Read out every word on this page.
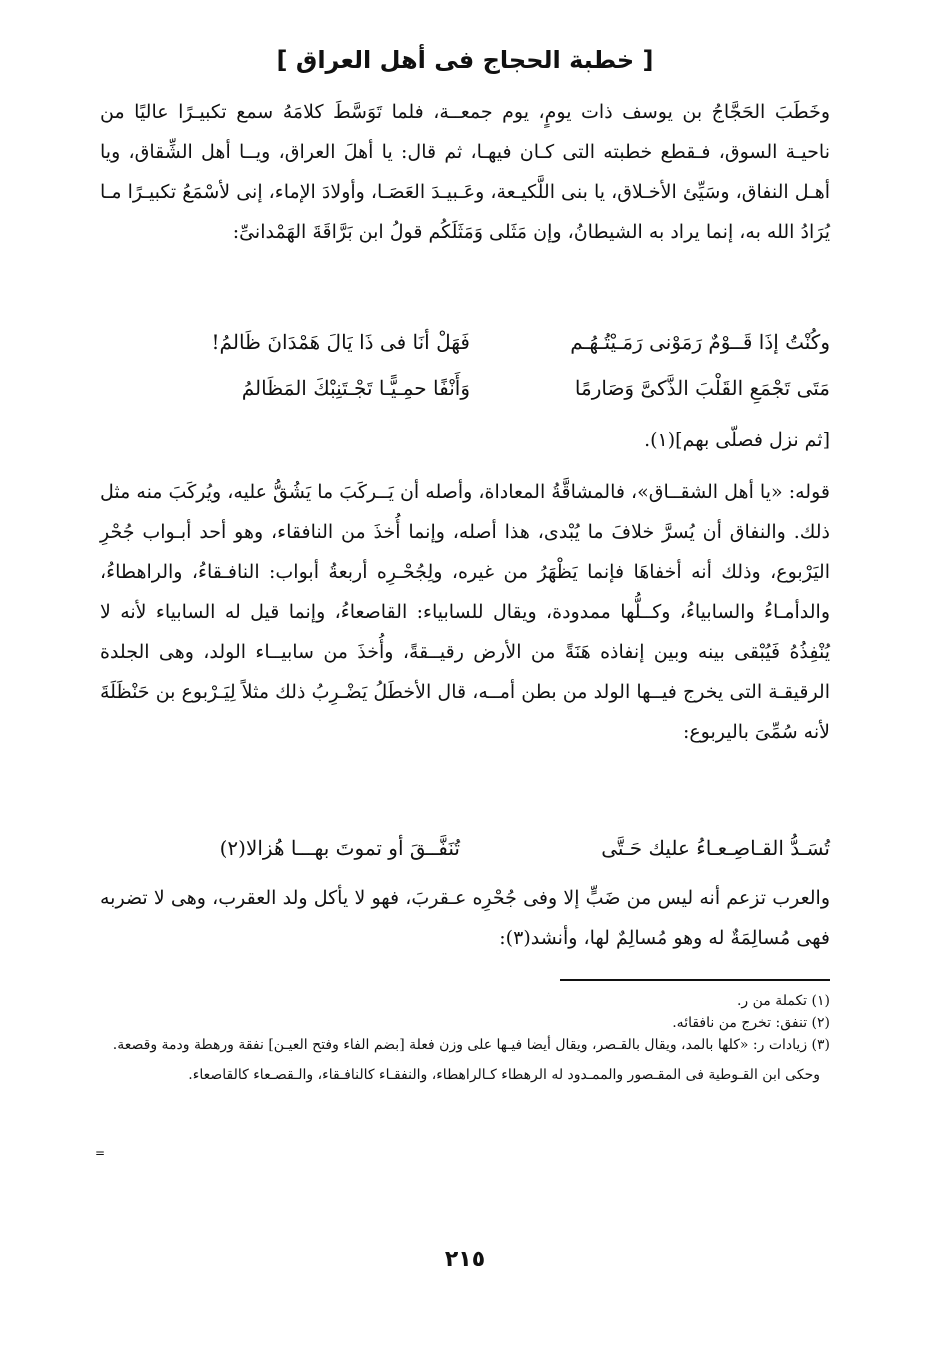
[ خطبة الحجاج فى أهل العراق ]

وخَطَبَ الحَجَّاجُ بن يوسف ذات يومٍ، يوم جمعــة، فلما تَوَسَّطَ كلامَهُ سمع تكبيـرًا عاليًا من ناحيـة السوق، فـقطع خطبته التى كـان فيهـا، ثم قال: يا أهلَ العراق، ويــا أهل الشِّقاق، ويا أهـل النفاق، وسَيِّئ الأخـلاق، يا بنى اللَّكيـعة، وعَـبيـدَ العَصَـا، وأولادَ الإماء، إنى لأسْمَعُ تكبيـرًا مـا يُرَادُ الله به، إنما يراد به الشيطانُ، وإن مَثَلى وَمَثَلَكُم قولُ ابن بَرَّاقَةَ الهَمْدانىِّ:

وكُنْتُ إذَا قَــوْمٌ رَمَوْنى رَمَـيْتُـهُـم
فَهَلْ أنَا فى ذَا يَالَ هَمْدَانَ ظَالمُ!
مَتَى تَجْمَعِ القَلْبَ الذَّكىَّ وَصَارمًا
وَأَنْفًا حمِـيًّـا تَجْـتَنِبْكَ المَظَالمُ
[ثم نزل فصلّى بهم](١).

قوله: «يا أهل الشقــاق»، فالمشاقَّةُ المعاداة، وأصله أن يَــركَبَ ما يَشُقُّ عليه، ويُركَبَ منه مثل ذلك. والنفاق أن يُسرَّ خلافَ ما يُبْدى، هذا أصله، وإنما أُخذَ من النافقاء، وهو أحد أبـواب جُحْرِ اليَرْبوع، وذلك أنه أخفاهَا فإنما يَظْهَرُ من غيره، ولِجُحْـرِه أربعةُ أبواب: النافـقاءُ، والراهطاءُ، والدأمـاءُ والسابياءُ، وكــلُّها ممدودة، ويقال للسابياء: القاصعاءُ، وإنما قيل له السابياء لأنه لا يُنْفِذُهُ فَيُبْقى بينه وبين إنفاذه هَنَةً من الأرض رقيــقةً، وأُخذَ من سابيــاء الولد، وهى الجلدة الرقيقـة التى يخرج فيــها الولد من بطن أمــه، قال الأخطَلُ يَضْـرِبُ ذلك مثلاً لِيَـرْبوع بن حَنْظَلَةَ لأنه سُمِّىَ باليربوع:

تُسَـدُّ القـاصِـعـاءُ عليك حَـتَّى
تُنَفَّــقَ أو تموتَ بهـــا هُزالا(٢)

والعرب تزعم أنه ليس من ضَبٍّ إلا وفى جُحْرِه عـقربَ، فهو لا يأكل ولد العقرب، وهى لا تضربه فهى مُسالِمَةٌ له وهو مُسالِمٌ لها، وأنشد(٣):

(١) تكملة من ر.
(٢) تنفق: تخرج من نافقائه.
(٣) زيادات ر: «كلها بالمد، ويقال بالقـصر، ويقال أيضا فيـها على وزن فعلة [بضم الفاء وفتح العيـن] نفقة ورهطة ودمة وقصعة.
وحكى ابن القـوطية فى المقـصور والممـدود له الرهطاء كـالراهطاء، والنفقـاء كالنافـقاء، والـقصـعاء كالقاصعاء.
=
٢١٥
